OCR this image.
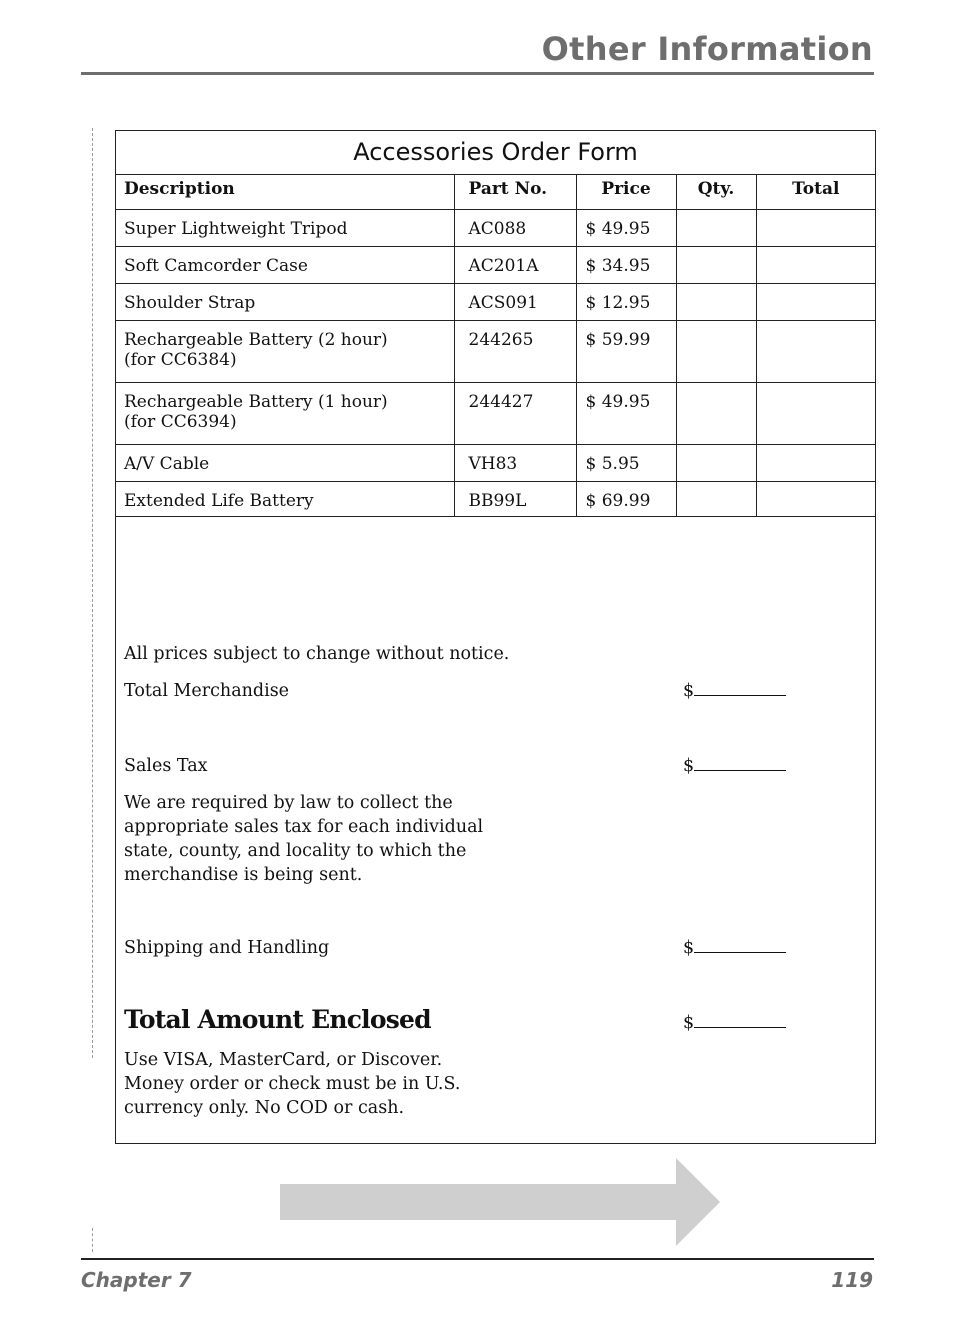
Other Information
Accessories Order Form
Description	Part No.	Price	Qty.	Total
Super Lightweight Tripod	AC088	$ 49.95		
Soft Camcorder Case	AC201A	$ 34.95		
Shoulder Strap	ACS091	$ 12.95		
Rechargeable Battery (2 hour)
(for CC6384)	244265	$ 59.99		
Rechargeable Battery (1 hour)
(for CC6394)	244427	$ 49.95		
A/V Cable	VH83	$ 5.95		
Extended Life Battery	BB99L	$ 69.99		
All prices subject to change without notice.
Total Merchandise	$
Sales Tax	$
We are required by law to collect the
appropriate sales tax for each individual
state, county, and locality to which the
merchandise is being sent.
Shipping and Handling	$
Total Amount Enclosed	$
Use VISA, MasterCard, or Discover.
Money order or check must be in U.S.
currency only. No COD or cash.
Chapter 7	119
